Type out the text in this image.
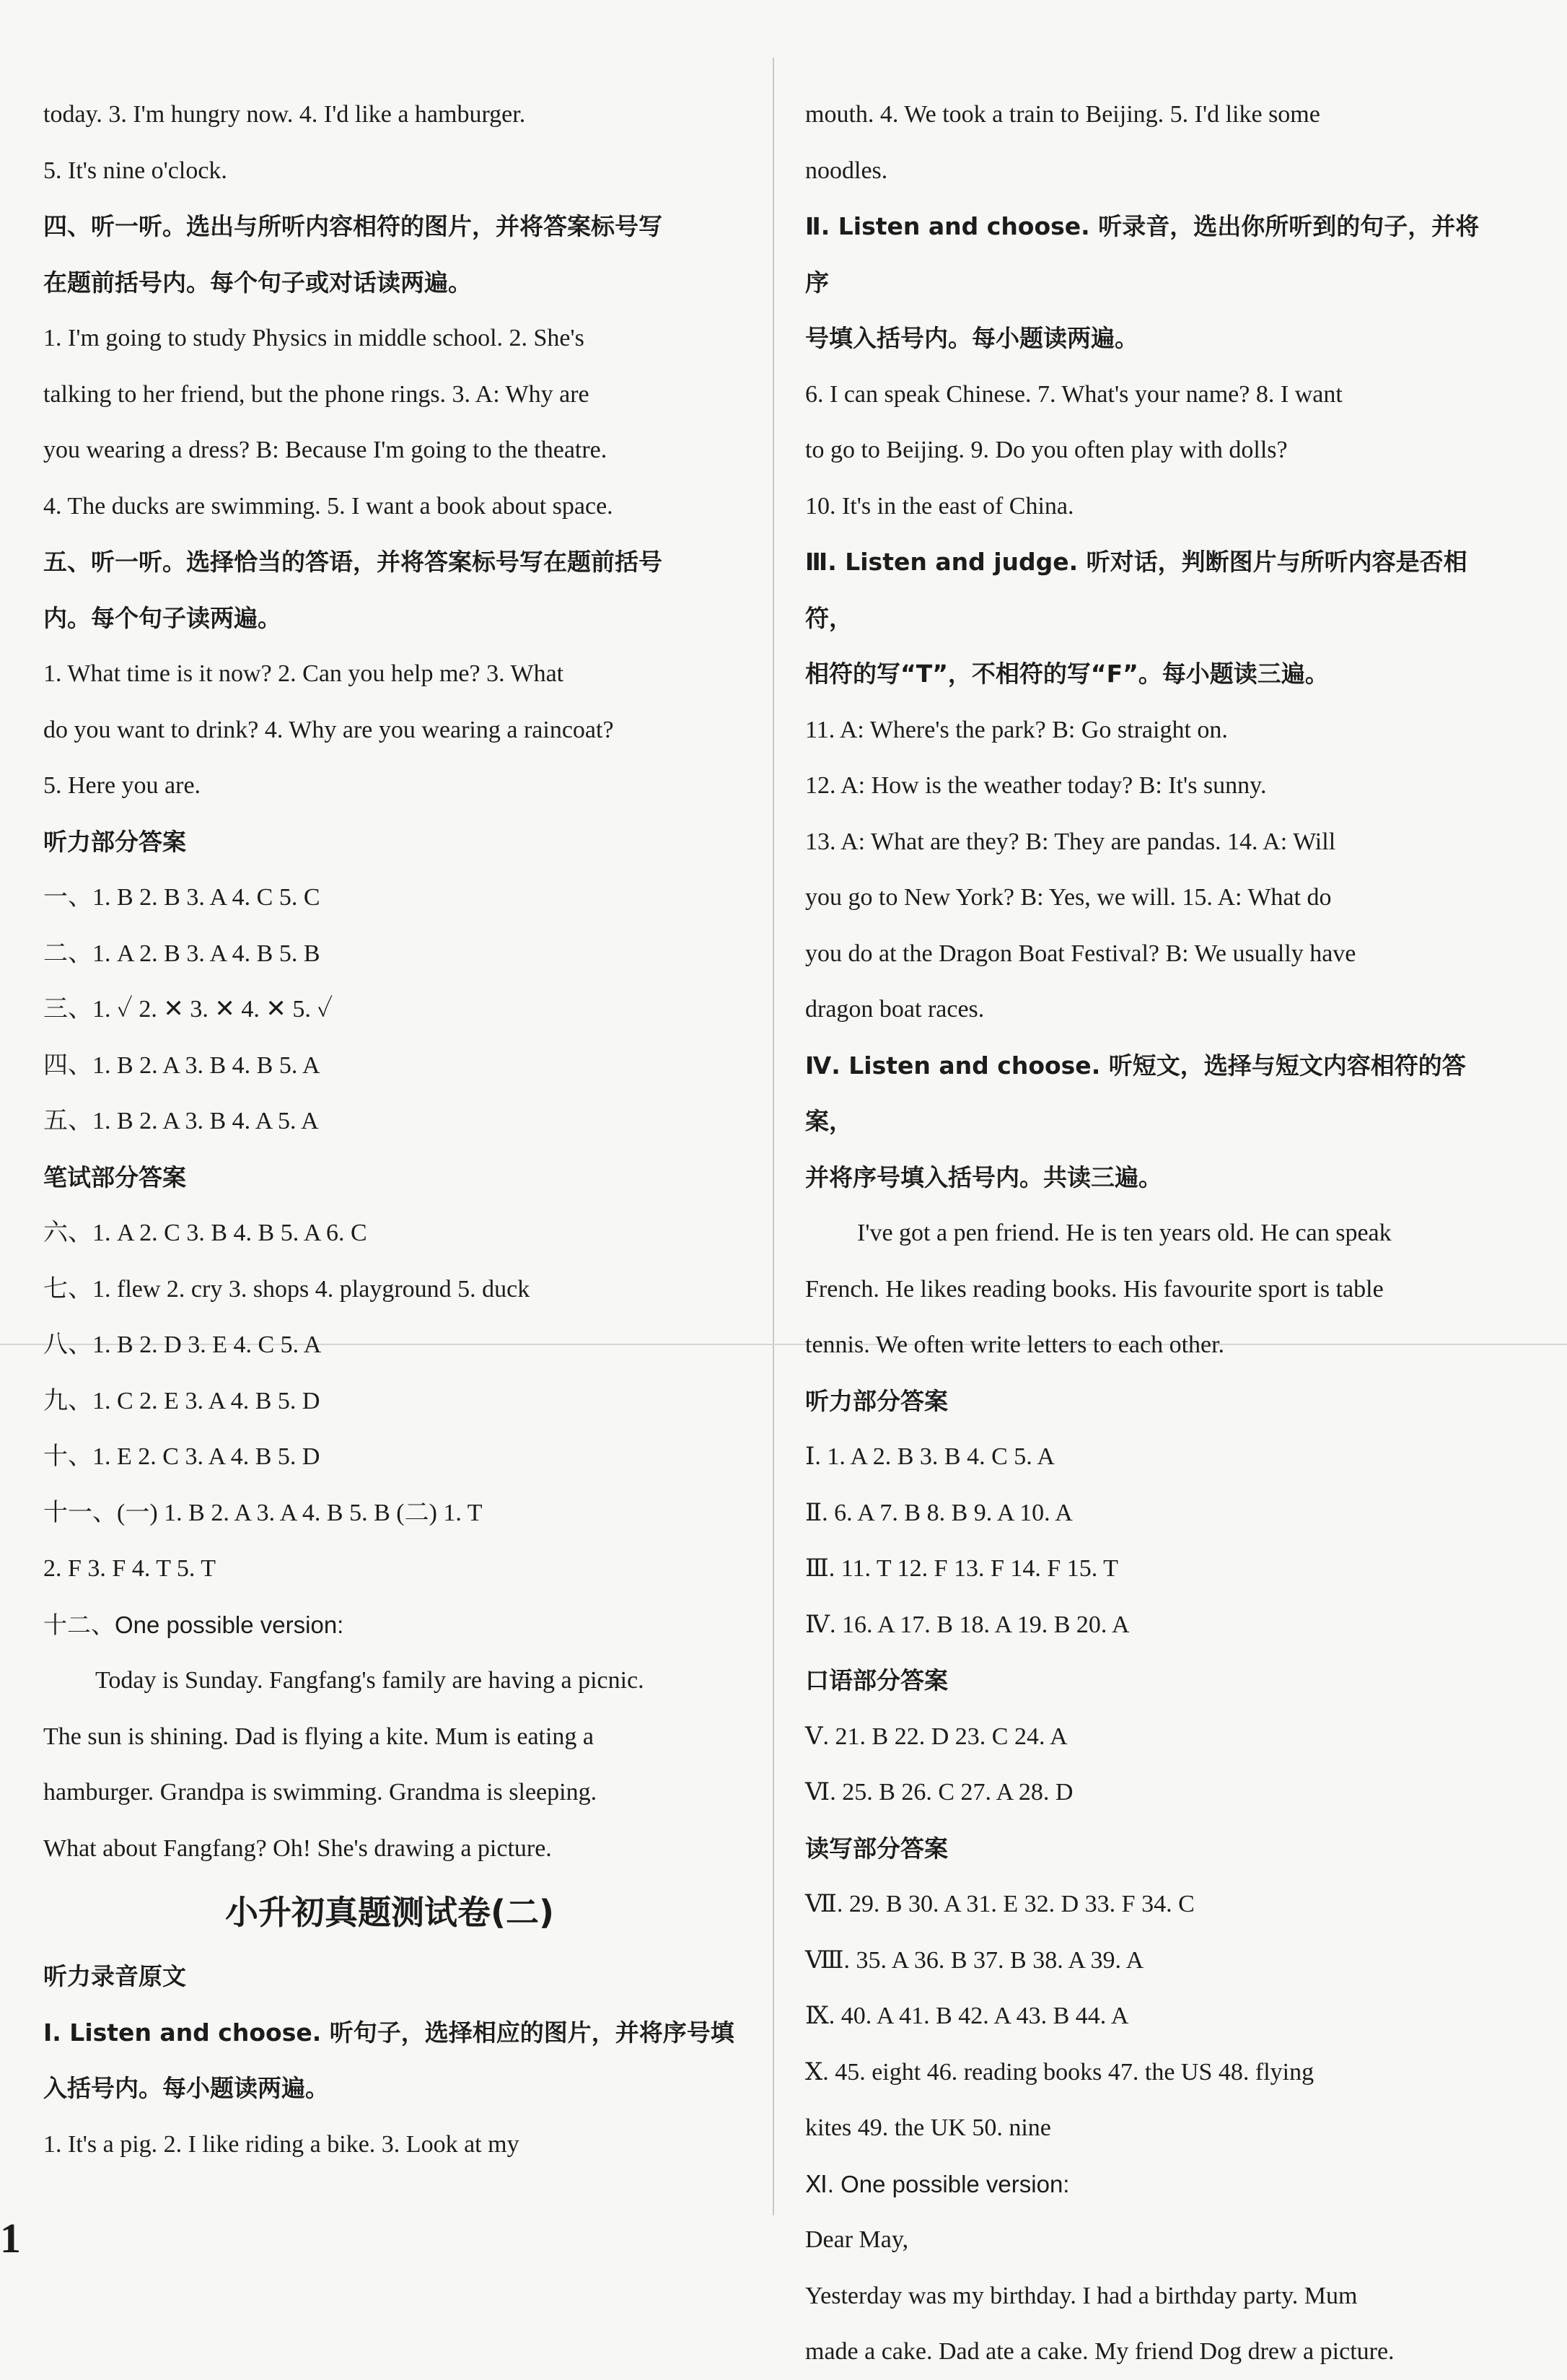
today. 3. I'm hungry now. 4. I'd like a hamburger.

5. It's nine o'clock.

四、听一听。选出与所听内容相符的图片，并将答案标号写

在题前括号内。每个句子或对话读两遍。

1. I'm going to study Physics in middle school. 2. She's

talking to her friend, but the phone rings. 3. A: Why are

you wearing a dress? B: Because I'm going to the theatre.

4. The ducks are swimming. 5. I want a book about space.

五、听一听。选择恰当的答语，并将答案标号写在题前括号

内。每个句子读两遍。

1. What time is it now? 2. Can you help me? 3. What

do you want to drink? 4. Why are you wearing a raincoat?

5. Here you are.

听力部分答案

一、1. B 2. B 3. A 4. C 5. C

二、1. A 2. B 3. A 4. B 5. B

三、1. ✓ 2. ✕ 3. ✕ 4. ✕ 5. ✓

四、1. B 2. A 3. B 4. B 5. A

五、1. B 2. A 3. B 4. A 5. A

笔试部分答案

六、1. A 2. C 3. B 4. B 5. A 6. C

七、1. flew 2. cry 3. shops 4. playground 5. duck

八、1. B 2. D 3. E 4. C 5. A

九、1. C 2. E 3. A 4. B 5. D

十、1. E 2. C 3. A 4. B 5. D

十一、(一) 1. B 2. A 3. A 4. B 5. B (二) 1. T

2. F 3. F 4. T 5. T

十二、One possible version:

Today is Sunday. Fangfang's family are having a picnic.

The sun is shining. Dad is flying a kite. Mum is eating a

hamburger. Grandpa is swimming. Grandma is sleeping.

What about Fangfang? Oh! She's drawing a picture.

小升初真题测试卷(二)

听力录音原文

Ⅰ. Listen and choose. 听句子，选择相应的图片，并将序号填

入括号内。每小题读两遍。

1. It's a pig. 2. I like riding a bike. 3. Look at my

mouth. 4. We took a train to Beijing. 5. I'd like some

noodles.

Ⅱ. Listen and choose. 听录音，选出你所听到的句子，并将序

号填入括号内。每小题读两遍。

6. I can speak Chinese. 7. What's your name? 8. I want

to go to Beijing. 9. Do you often play with dolls?

10. It's in the east of China.

Ⅲ. Listen and judge. 听对话，判断图片与所听内容是否相符，

相符的写“T”，不相符的写“F”。每小题读三遍。

11. A: Where's the park? B: Go straight on.

12. A: How is the weather today? B: It's sunny.

13. A: What are they? B: They are pandas. 14. A: Will

you go to New York? B: Yes, we will. 15. A: What do

you do at the Dragon Boat Festival? B: We usually have

dragon boat races.

Ⅳ. Listen and choose. 听短文，选择与短文内容相符的答案，

并将序号填入括号内。共读三遍。

I've got a pen friend. He is ten years old. He can speak

French. He likes reading books. His favourite sport is table

tennis. We often write letters to each other.

听力部分答案

Ⅰ. 1. A 2. B 3. B 4. C 5. A

Ⅱ. 6. A 7. B 8. B 9. A 10. A

Ⅲ. 11. T 12. F 13. F 14. F 15. T

Ⅳ. 16. A 17. B 18. A 19. B 20. A

口语部分答案

Ⅴ. 21. B 22. D 23. C 24. A

Ⅵ. 25. B 26. C 27. A 28. D

读写部分答案

Ⅶ. 29. B 30. A 31. E 32. D 33. F 34. C

Ⅷ. 35. A 36. B 37. B 38. A 39. A

Ⅸ. 40. A 41. B 42. A 43. B 44. A

Ⅹ. 45. eight 46. reading books 47. the US 48. flying

kites 49. the UK 50. nine

Ⅺ. One possible version:

Dear May,

Yesterday was my birthday. I had a birthday party. Mum

made a cake. Dad ate a cake. My friend Dog drew a picture.

1
